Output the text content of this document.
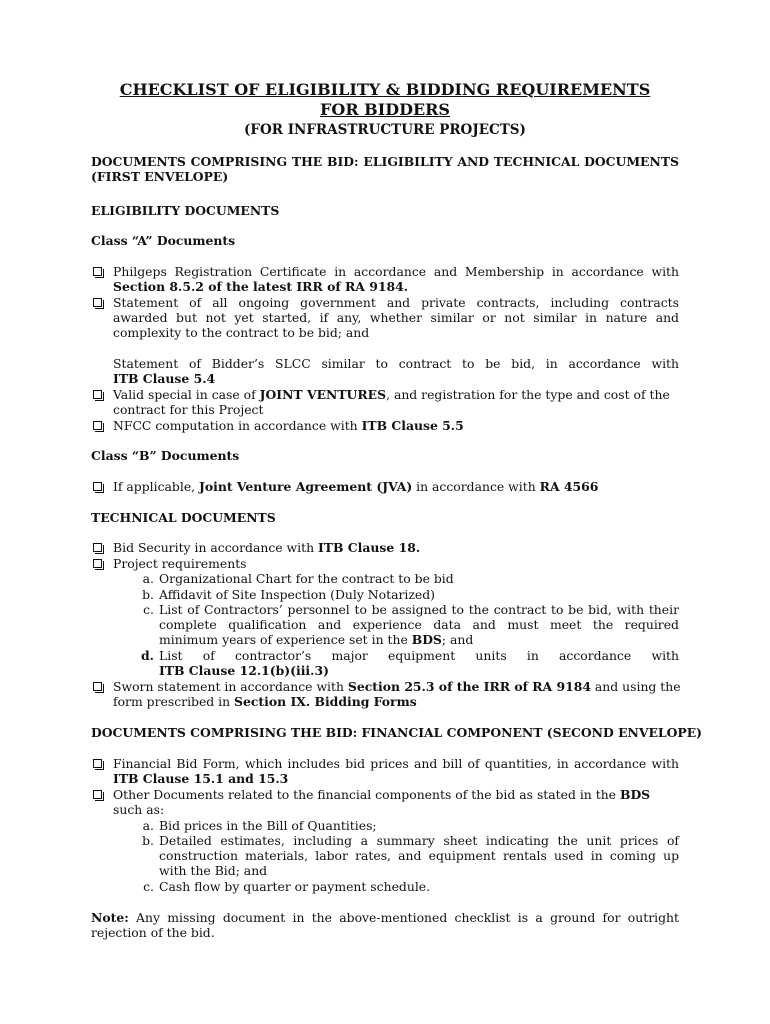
CHECKLIST OF ELIGIBILITY & BIDDING REQUIREMENTS
FOR BIDDERS
(FOR INFRASTRUCTURE PROJECTS)
DOCUMENTS COMPRISING THE BID: ELIGIBILITY AND TECHNICAL DOCUMENTS
(FIRST ENVELOPE)
ELIGIBILITY DOCUMENTS
Class “A” Documents
Philgeps Registration Certificate in accordance and Membership in accordance with
Section 8.5.2 of the latest IRR of RA 9184.
Statement of all ongoing government and private contracts, including contracts
awarded but not yet started, if any, whether similar or not similar in nature and
complexity to the contract to be bid; and
Statement of Bidder’s SLCC similar to contract to be bid, in accordance with
ITB Clause 5.4
Valid special in case of JOINT VENTURES, and registration for the type and cost of the
contract for this Project
NFCC computation in accordance with ITB Clause 5.5
Class “B” Documents
If applicable, Joint Venture Agreement (JVA) in accordance with RA 4566
TECHNICAL DOCUMENTS
Bid Security in accordance with ITB Clause 18.
Project requirements
a. Organizational Chart for the contract to be bid
b. Affidavit of Site Inspection (Duly Notarized)
c. List of Contractors’ personnel to be assigned to the contract to be bid, with their
complete qualification and experience data and must meet the required
minimum years of experience set in the BDS; and
d. List of contractor’s major equipment units in accordance with
ITB Clause 12.1(b)(iii.3)
Sworn statement in accordance with Section 25.3 of the IRR of RA 9184 and using the
form prescribed in Section IX. Bidding Forms
DOCUMENTS COMPRISING THE BID: FINANCIAL COMPONENT (SECOND ENVELOPE)
Financial Bid Form, which includes bid prices and bill of quantities, in accordance with
ITB Clause 15.1 and 15.3
Other Documents related to the financial components of the bid as stated in the BDS
such as:
a. Bid prices in the Bill of Quantities;
b. Detailed estimates, including a summary sheet indicating the unit prices of
construction materials, labor rates, and equipment rentals used in coming up
with the Bid; and
c. Cash flow by quarter or payment schedule.
Note: Any missing document in the above-mentioned checklist is a ground for outright
rejection of the bid.
